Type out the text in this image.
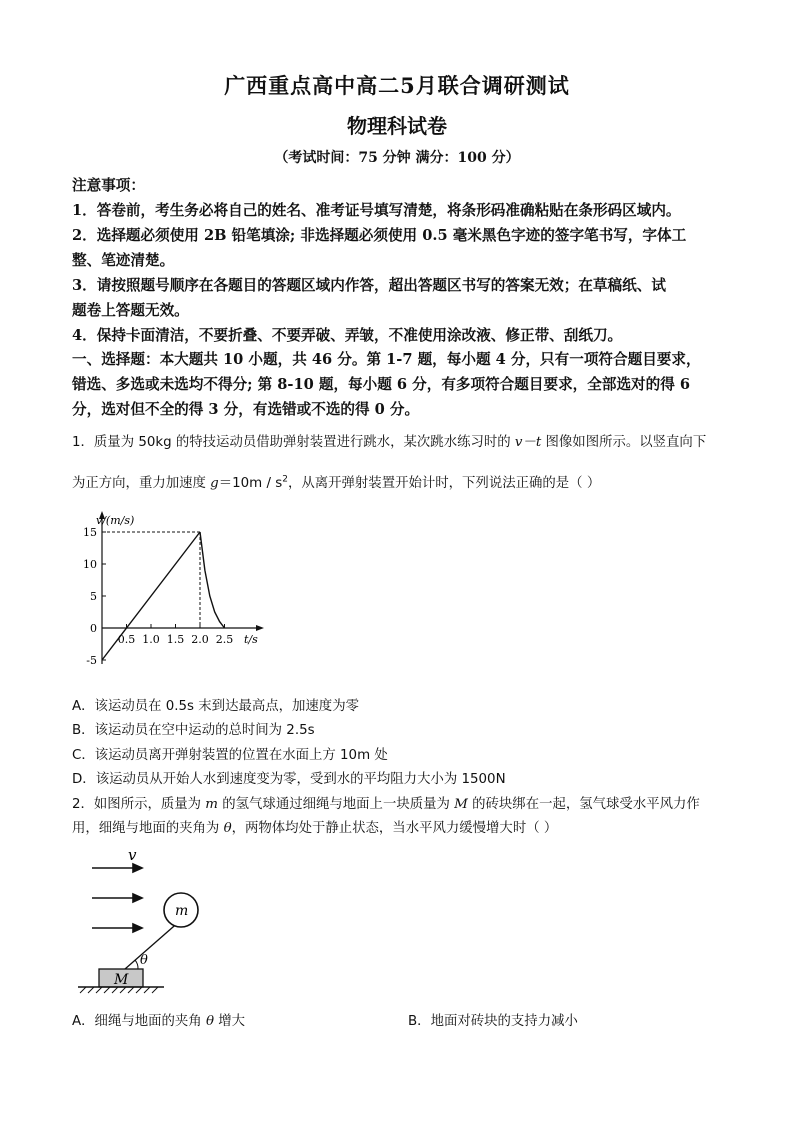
广西重点高中高二5月联合调研测试
物理科试卷
（考试时间：75 分钟 满分：100 分）
注意事项：
1．答卷前，考生务必将自己的姓名、准考证号填写清楚，将条形码准确粘贴在条形码区域内。
2．选择题必须使用 2B 铅笔填涂; 非选择题必须使用 0.5 毫米黑色字迹的签字笔书写，字体工
整、笔迹清楚。
3．请按照题号顺序在各题目的答题区域内作答，超出答题区书写的答案无效；在草稿纸、试
题卷上答题无效。
4．保持卡面清洁，不要折叠、不要弄破、弄皱，不准使用涂改液、修正带、刮纸刀。
一、选择题：本大题共 10 小题，共 46 分。第 1-7 题，每小题 4 分，只有一项符合题目要求，
错选、多选或未选均不得分; 第 8-10 题，每小题 6 分，有多项符合题目要求，全部选对的得 6
分，选对但不全的得 3 分，有选错或不选的得 0 分。
1．质量为 50kg 的特技运动员借助弹射装置进行跳水，某次跳水练习时的 v－t 图像如图所示。以竖直向下
为正方向，重力加速度 $g=10m / s^2$，从离开弹射装置开始计时，下列说法正确的是（ ）
15
10
5
0
-5
0.5 1.0 1.5 2.0 2.5
v/(m/s)
t/s
A．该运动员在 0.5s 末到达最高点，加速度为零
B．该运动员在空中运动的总时间为 2.5s
C．该运动员离开弹射装置的位置在水面上方 10m 处
D．该运动员从开始人水到速度变为零，受到水的平均阻力大小为 1500N
2．如图所示，质量为 m 的氢气球通过细绳与地面上一块质量为 M 的砖块绑在一起，氢气球受水平风力作
用，细绳与地面的夹角为 θ，两物体均处于静止状态，当水平风力缓慢增大时（ ）
v
m
M
θ
A．细绳与地面的夹角 θ 增大	B．地面对砖块的支持力减小
